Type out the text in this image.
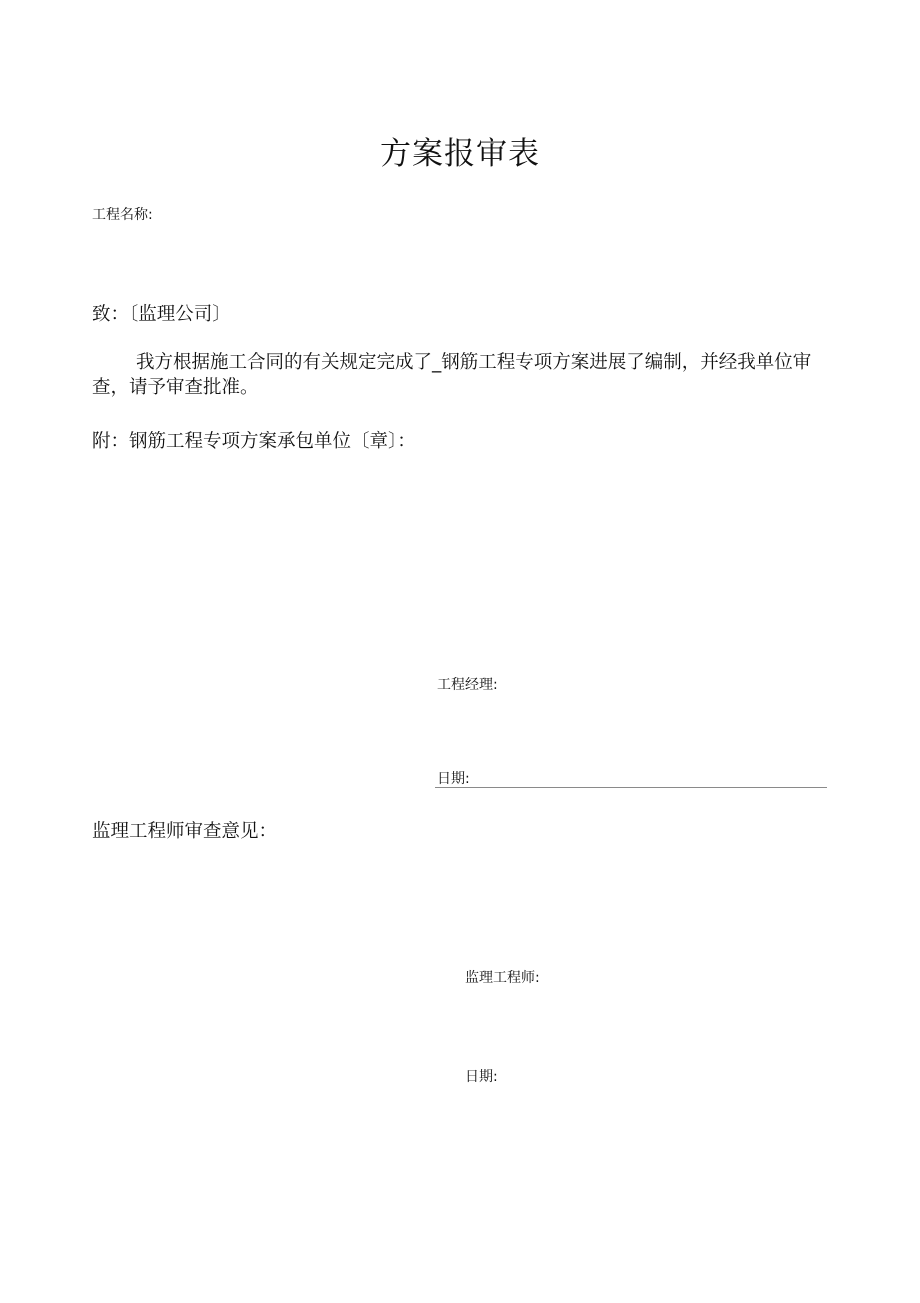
方案报审表
工程名称:
致：〔监理公司〕
我方根据施工合同的有关规定完成了_钢筋工程专项方案进展了编制，并经我单位审查，请予审查批准。
附：钢筋工程专项方案承包单位〔章〕：
工程经理:
日期:
监理工程师审查意见：
监理工程师:
日期:
